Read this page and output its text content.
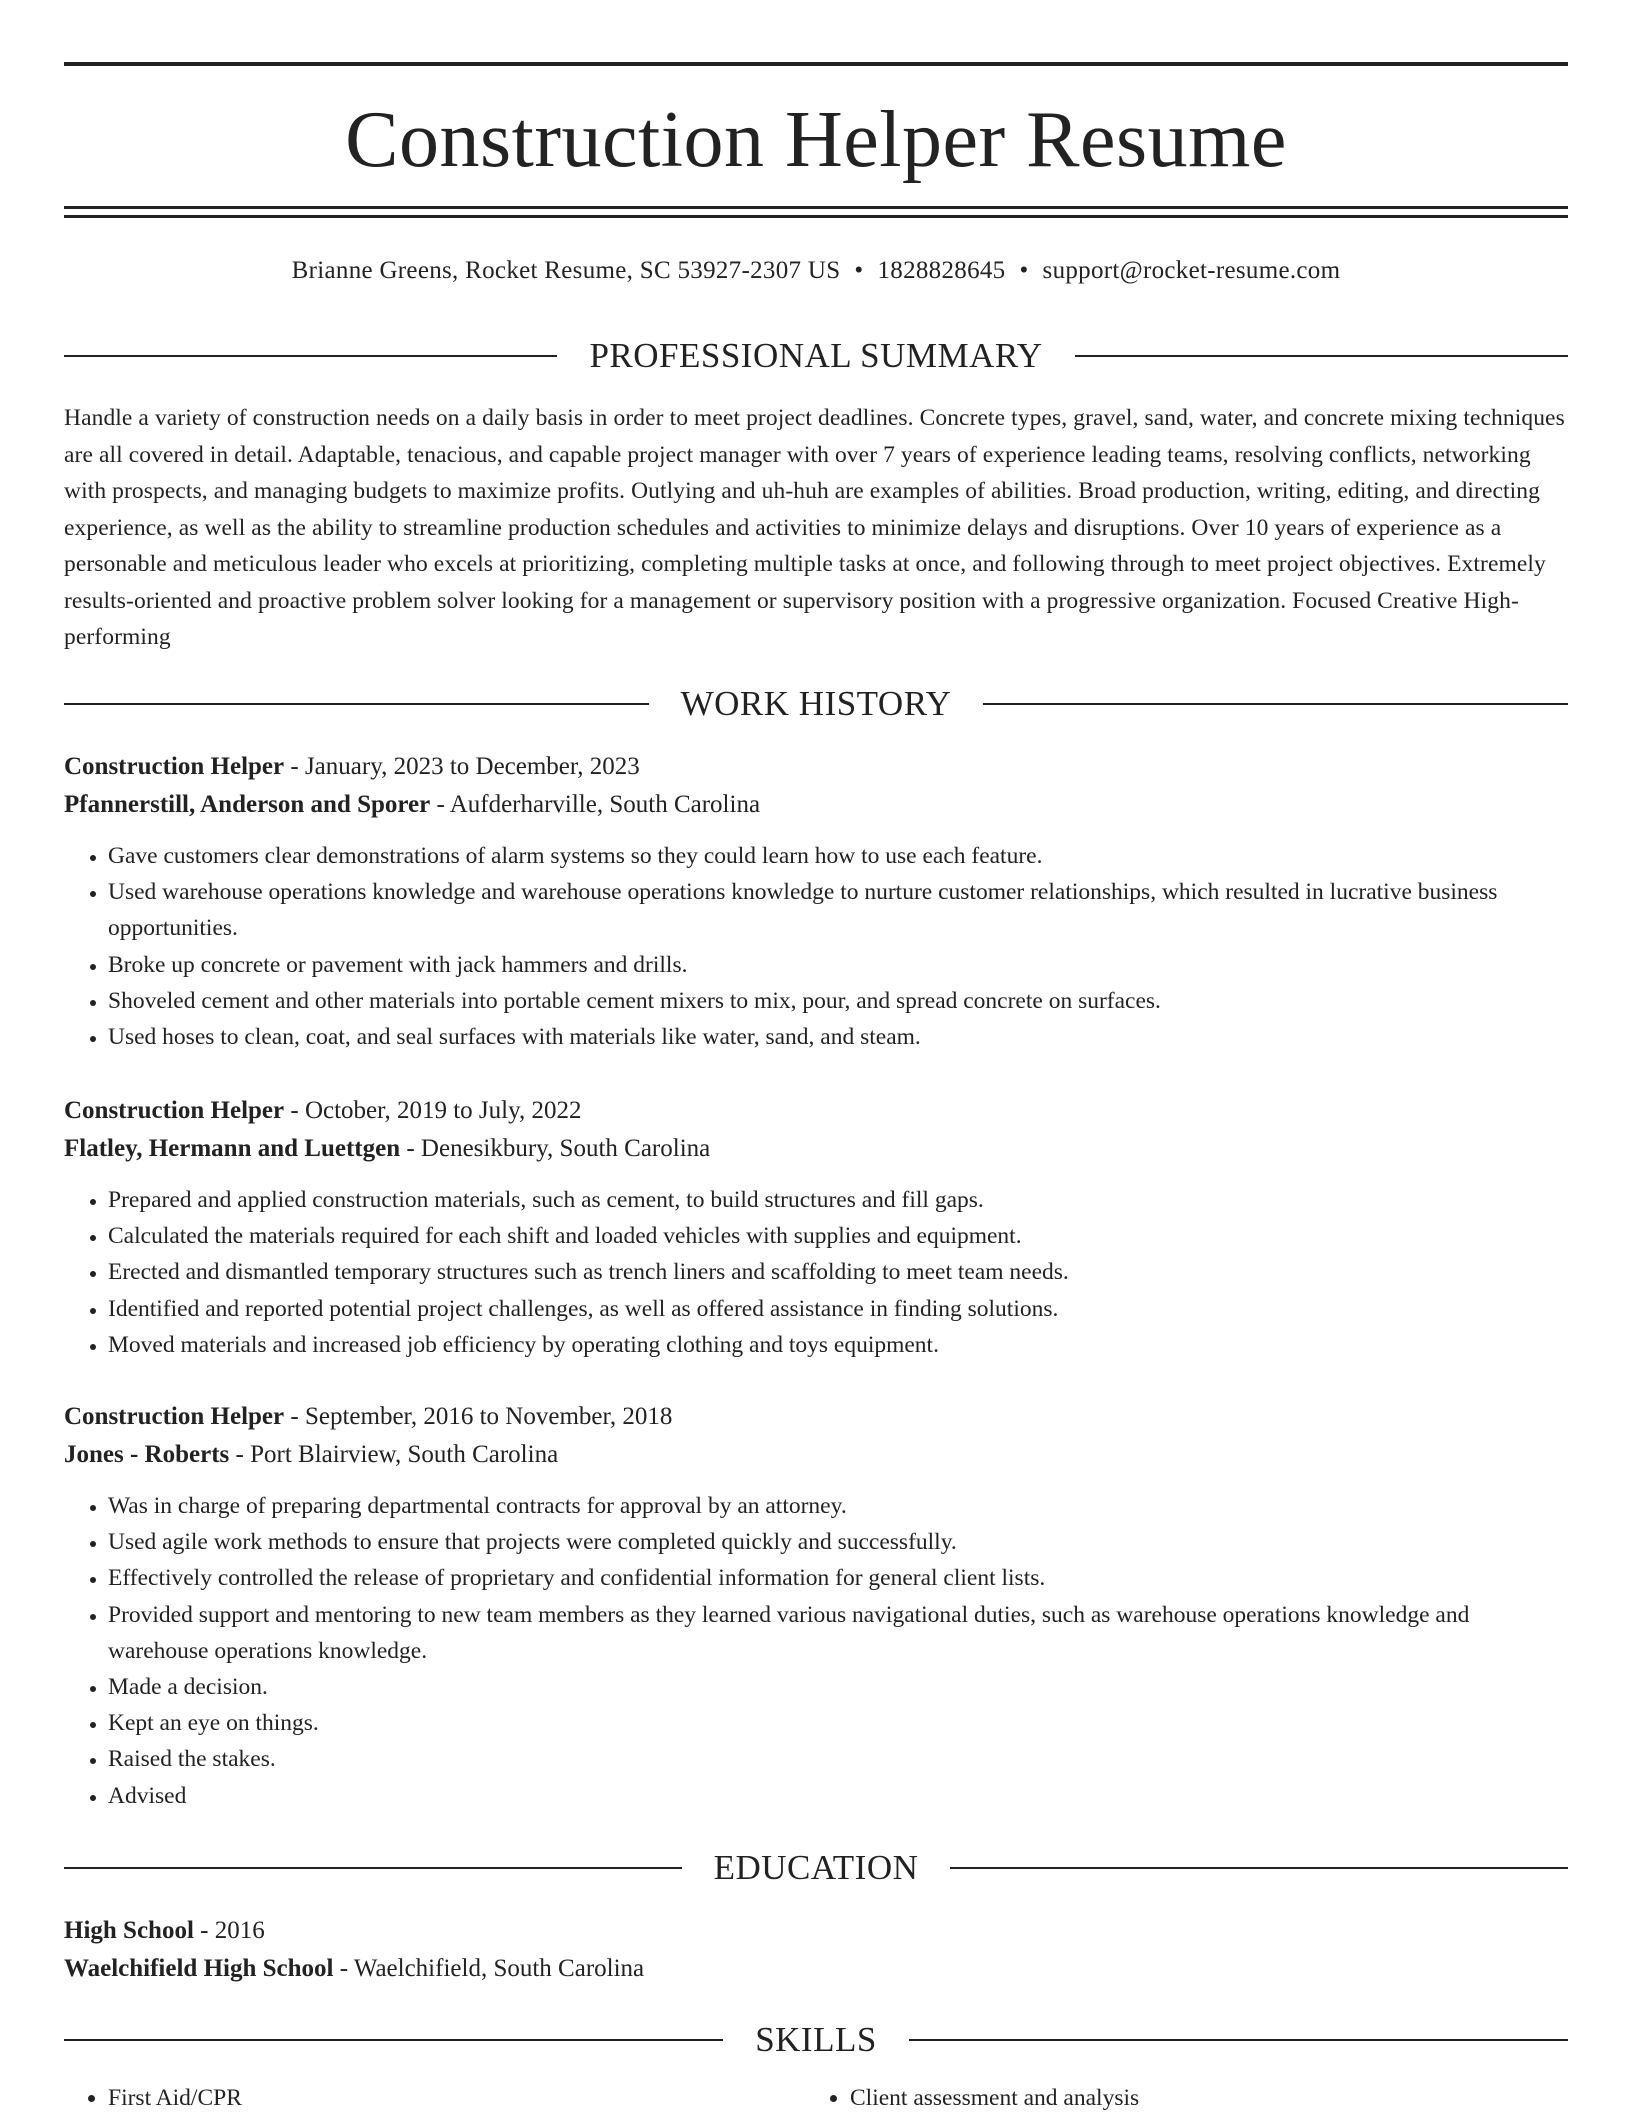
Construction Helper Resume
Brianne Greens, Rocket Resume, SC 53927-2307 US • 1828828645 • support@rocket-resume.com
PROFESSIONAL SUMMARY
Handle a variety of construction needs on a daily basis in order to meet project deadlines. Concrete types, gravel, sand, water, and concrete mixing techniques are all covered in detail. Adaptable, tenacious, and capable project manager with over 7 years of experience leading teams, resolving conflicts, networking with prospects, and managing budgets to maximize profits. Outlying and uh-huh are examples of abilities. Broad production, writing, editing, and directing experience, as well as the ability to streamline production schedules and activities to minimize delays and disruptions. Over 10 years of experience as a personable and meticulous leader who excels at prioritizing, completing multiple tasks at once, and following through to meet project objectives. Extremely results-oriented and proactive problem solver looking for a management or supervisory position with a progressive organization. Focused Creative High-performing
WORK HISTORY
Construction Helper - January, 2023 to December, 2023
Pfannerstill, Anderson and Sporer - Aufderharville, South Carolina
• Gave customers clear demonstrations of alarm systems so they could learn how to use each feature.
• Used warehouse operations knowledge and warehouse operations knowledge to nurture customer relationships, which resulted in lucrative business opportunities.
• Broke up concrete or pavement with jack hammers and drills.
• Shoveled cement and other materials into portable cement mixers to mix, pour, and spread concrete on surfaces.
• Used hoses to clean, coat, and seal surfaces with materials like water, sand, and steam.
Construction Helper - October, 2019 to July, 2022
Flatley, Hermann and Luettgen - Denesikbury, South Carolina
• Prepared and applied construction materials, such as cement, to build structures and fill gaps.
• Calculated the materials required for each shift and loaded vehicles with supplies and equipment.
• Erected and dismantled temporary structures such as trench liners and scaffolding to meet team needs.
• Identified and reported potential project challenges, as well as offered assistance in finding solutions.
• Moved materials and increased job efficiency by operating clothing and toys equipment.
Construction Helper - September, 2016 to November, 2018
Jones - Roberts - Port Blairview, South Carolina
• Was in charge of preparing departmental contracts for approval by an attorney.
• Used agile work methods to ensure that projects were completed quickly and successfully.
• Effectively controlled the release of proprietary and confidential information for general client lists.
• Provided support and mentoring to new team members as they learned various navigational duties, such as warehouse operations knowledge and warehouse operations knowledge.
• Made a decision.
• Kept an eye on things.
• Raised the stakes.
• Advised
EDUCATION
High School - 2016
Waelchifield High School - Waelchifield, South Carolina
SKILLS
• First Aid/CPR
•	Client assessment and analysis
